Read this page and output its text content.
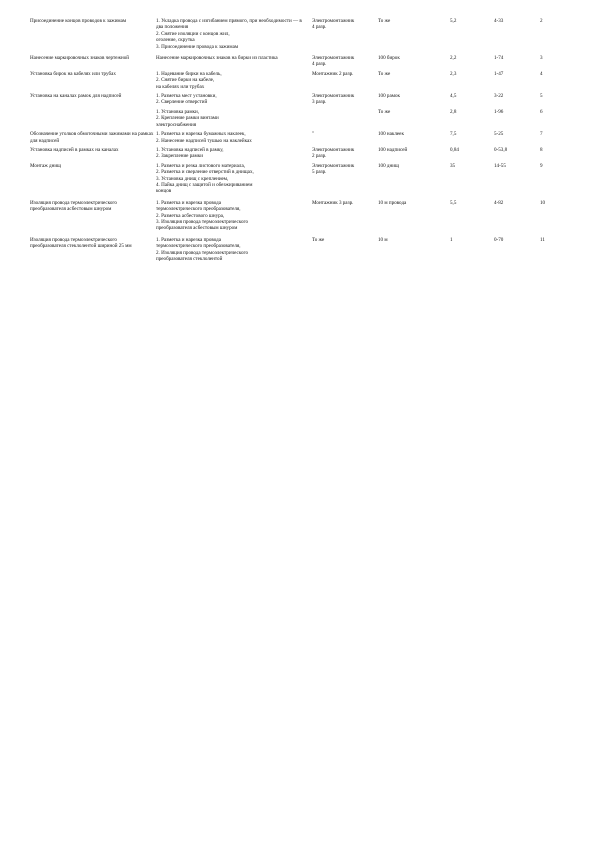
Присоединение концов проводов к зажимам	1. Укладка провода с изгибанием прямого, при необходимости — в два положения
2. Снятие изоляции с концов жил,
оголение, скрутка
3. Присоединение провода к зажимам	Электромонтажник
4 разр.	То же	5,2	4-33	2
Нанесение маркировочных знаков чертежной	Нанесение маркировочных знаков на бирки из пластика	Электромонтажник
4 разр.	100 бирок	2,2	1-74	3
Установка бирок на кабелях или трубах	1. Надевание бирки на кабель,
2. Снятие бирки на кабеле,
на кабелях или трубах	Монтажник 2 разр.	То же	2,3	1-47	4
Установка на каналах рамок для надписей	1. Разметка мест установки,
2. Сверление отверстий	Электромонтажник
3 разр.	100 рамок	4,5	3-22	5
	1. Установка рамки,
2. Крепление рамки винтами
электроснабжения		То же	2,8	1-96	6
Обозначение уголков обмоточными зажимами на рамках для надписей	1. Разметка и нарезка бумажных наклеек,
2. Нанесение надписей тушью на наклейках	"	100 наклеек	7,5	5-25	7
Установка надписей в рамках на каналах	1. Установка надписей в рамку,
2. Закрепление рамки	Электромонтажник
2 разр.	100 надписей	0,84	0-53,8	8
Монтаж днищ	1. Разметка и резка листового материала,
2. Разметка и сверление отверстий в днищах,
3. Установка днищ с креплением,
4. Пайка днищ с защитой и обезжириванием
концов	Электромонтажник
5 разр.	100 днищ	35	14-55	9
Изоляция провода термоэлектрического преобразователя асбестовым шнуром	1. Разметка и нарезка провода
термоэлектрического преобразователя,
2. Разметка асбестового шнура,
3. Изоляция провода термоэлектрического
преобразователя асбестовым шнуром	Монтажник 3 разр.	10 м провода	5,5	4-82	10
Изоляция провода термоэлектрического преобразователя стеклолентой шириной 25 мм	1. Разметка и нарезка провода
термоэлектрического преобразователя,
2. Изоляция провода термоэлектрического
преобразователя стеклолентой	То же	10 м	1	0-70	11
